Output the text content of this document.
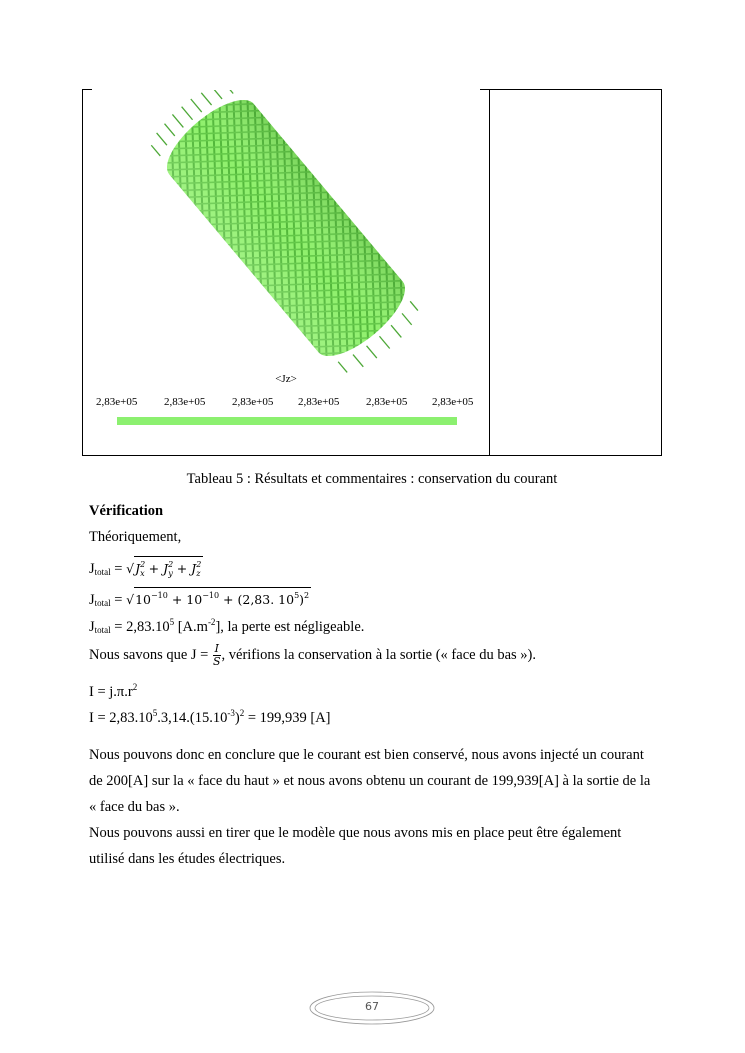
<Jz>
2,83e+05 2,83e+05 2,83e+05 2,83e+05 2,83e+05 2,83e+05
Tableau 5 : Résultats et commentaires : conservation du courant
Vérification
Théoriquement,
$J_{total} = √J^2_x + J^2_y + J^2_z$
$J_{total} = √10^{-10} + 10^{-10} + (2,83$. $10^5)^2$
$J_{total} = 2,83.10^5$ $[A.m^{-2}]$, la perte est négligeable.
Nous savons que $J = \frac{I}{S}$ , vérifions la conservation à la sortie (« face du bas »).
$I = j.\pi.r^2$
$I = 2,83.10^5.3,14.(15.10^{-3})^2 = 199,939$ [A]
Nous pouvons donc en conclure que le courant est bien conservé, nous avons injecté un courant de 200[A] sur la « face du haut » et nous avons obtenu un courant de 199,939[A] à la sortie de la « face du bas ».
Nous pouvons aussi en tirer que le modèle que nous avons mis en place peut être également utilisé dans les études électriques.
67
